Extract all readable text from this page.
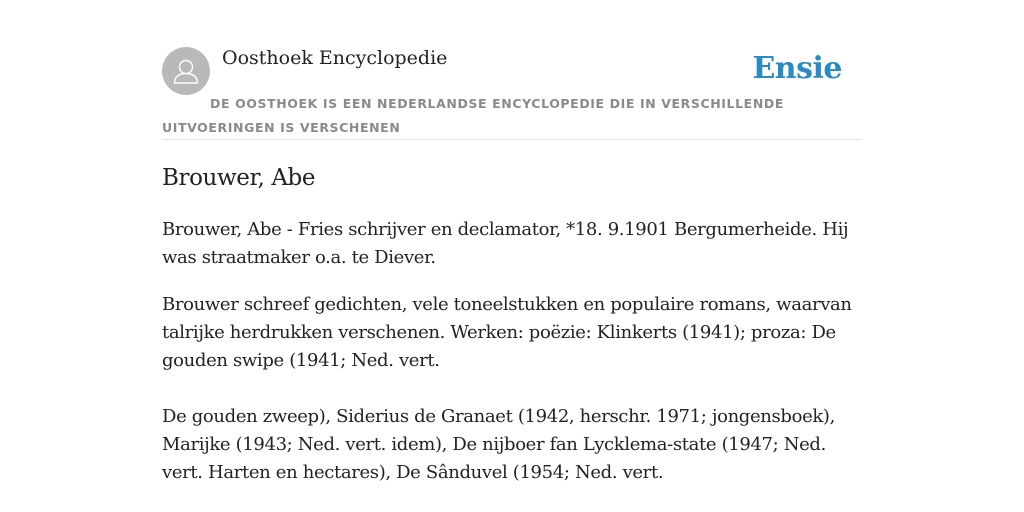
Oosthoek Encyclopedie	Ensie
DE OOSTHOEK IS EEN NEDERLANDSE ENCYCLOPEDIE DIE IN VERSCHILLENDE UITVOERINGEN IS VERSCHENEN
Brouwer, Abe

Brouwer, Abe - Fries schrijver en declamator, *18. 9.1901 Bergumerheide. Hij was straatmaker o.a. te Diever.

Brouwer schreef gedichten, vele toneelstukken en populaire romans, waarvan talrijke herdrukken verschenen. Werken: poëzie: Klinkerts (1941); proza: De gouden swipe (1941; Ned. vert.

De gouden zweep), Siderius de Granaet (1942, herschr. 1971; jongensboek), Marijke (1943; Ned. vert. idem), De nijboer fan Lycklema-state (1947; Ned. vert. Harten en hectares), De Sânduvel (1954; Ned. vert.
